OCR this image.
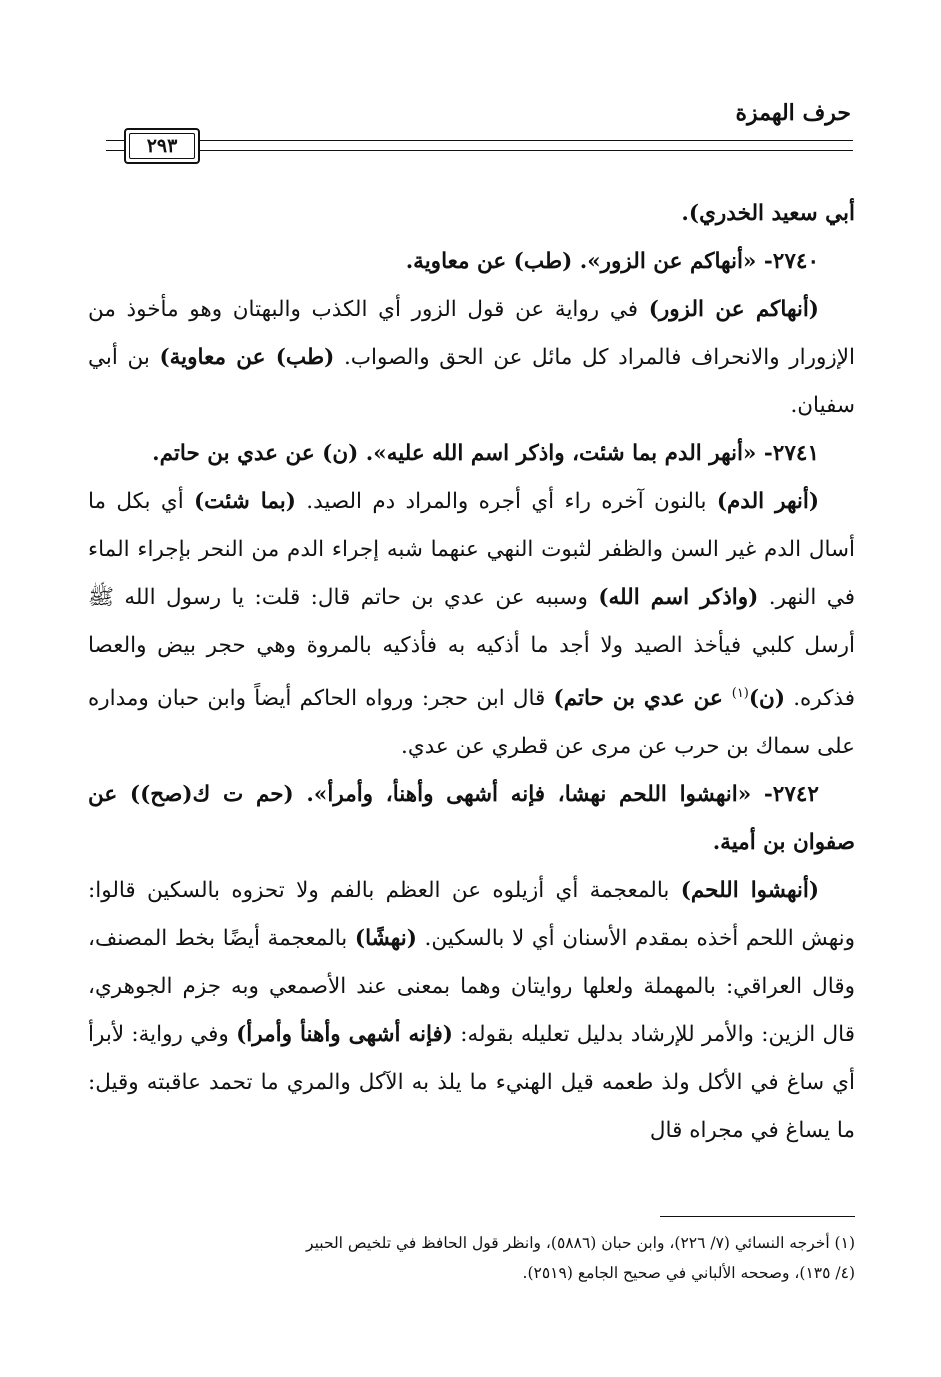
حرف الهمزة
٢٩٣

أبي سعيد الخدري).

٢٧٤٠- «أنهاكم عن الزور». (طب) عن معاوية.

(أنهاكم عن الزور) في رواية عن قول الزور أي الكذب والبهتان وهو مأخوذ من الإزورار والانحراف فالمراد كل مائل عن الحق والصواب. (طب) عن معاوية) بن أبي سفيان.

٢٧٤١- «أنهر الدم بما شئت، واذكر اسم الله عليه». (ن) عن عدي بن حاتم.

(أنهر الدم) بالنون آخره راء أي أجره والمراد دم الصيد. (بما شئت) أي بكل ما أسال الدم غير السن والظفر لثبوت النهي عنهما شبه إجراء الدم من النحر بإجراء الماء في النهر. (واذكر اسم الله) وسببه عن عدي بن حاتم قال: قلت: يا رسول الله ﷺ أرسل كلبي فيأخذ الصيد ولا أجد ما أذكيه به فأذكيه بالمروة وهي حجر بيض والعصا فذكره. (ن)$^{(١)}$ عن عدي بن حاتم) قال ابن حجر: ورواه الحاكم أيضاً وابن حبان ومداره على سماك بن حرب عن مرى عن قطري عن عدي.

٢٧٤٢- «انهشوا اللحم نهشا، فإنه أشهى وأهنأ، وأمرأ». (حم ت ك(صح)) عن صفوان بن أمية.

(أنهشوا اللحم) بالمعجمة أي أزيلوه عن العظم بالفم ولا تحزوه بالسكين قالوا: ونهش اللحم أخذه بمقدم الأسنان أي لا بالسكين. (نهشًا) بالمعجمة أيضًا بخط المصنف، وقال العراقي: بالمهملة ولعلها روايتان وهما بمعنى عند الأصمعي وبه جزم الجوهري، قال الزين: والأمر للإرشاد بدليل تعليله بقوله: (فإنه أشهى وأهنأ وأمرأ) وفي رواية: لأبرأ أي ساغ في الأكل ولذ طعمه قيل الهنيء ما يلذ به الآكل والمري ما تحمد عاقبته وقيل: ما يساغ في مجراه قال

(١) أخرجه النسائي (٧/ ٢٢٦)، وابن حبان (٥٨٨٦)، وانظر قول الحافظ في تلخيص الحبير

(٤/ ١٣٥)، وصححه الألباني في صحيح الجامع (٢٥١٩).
